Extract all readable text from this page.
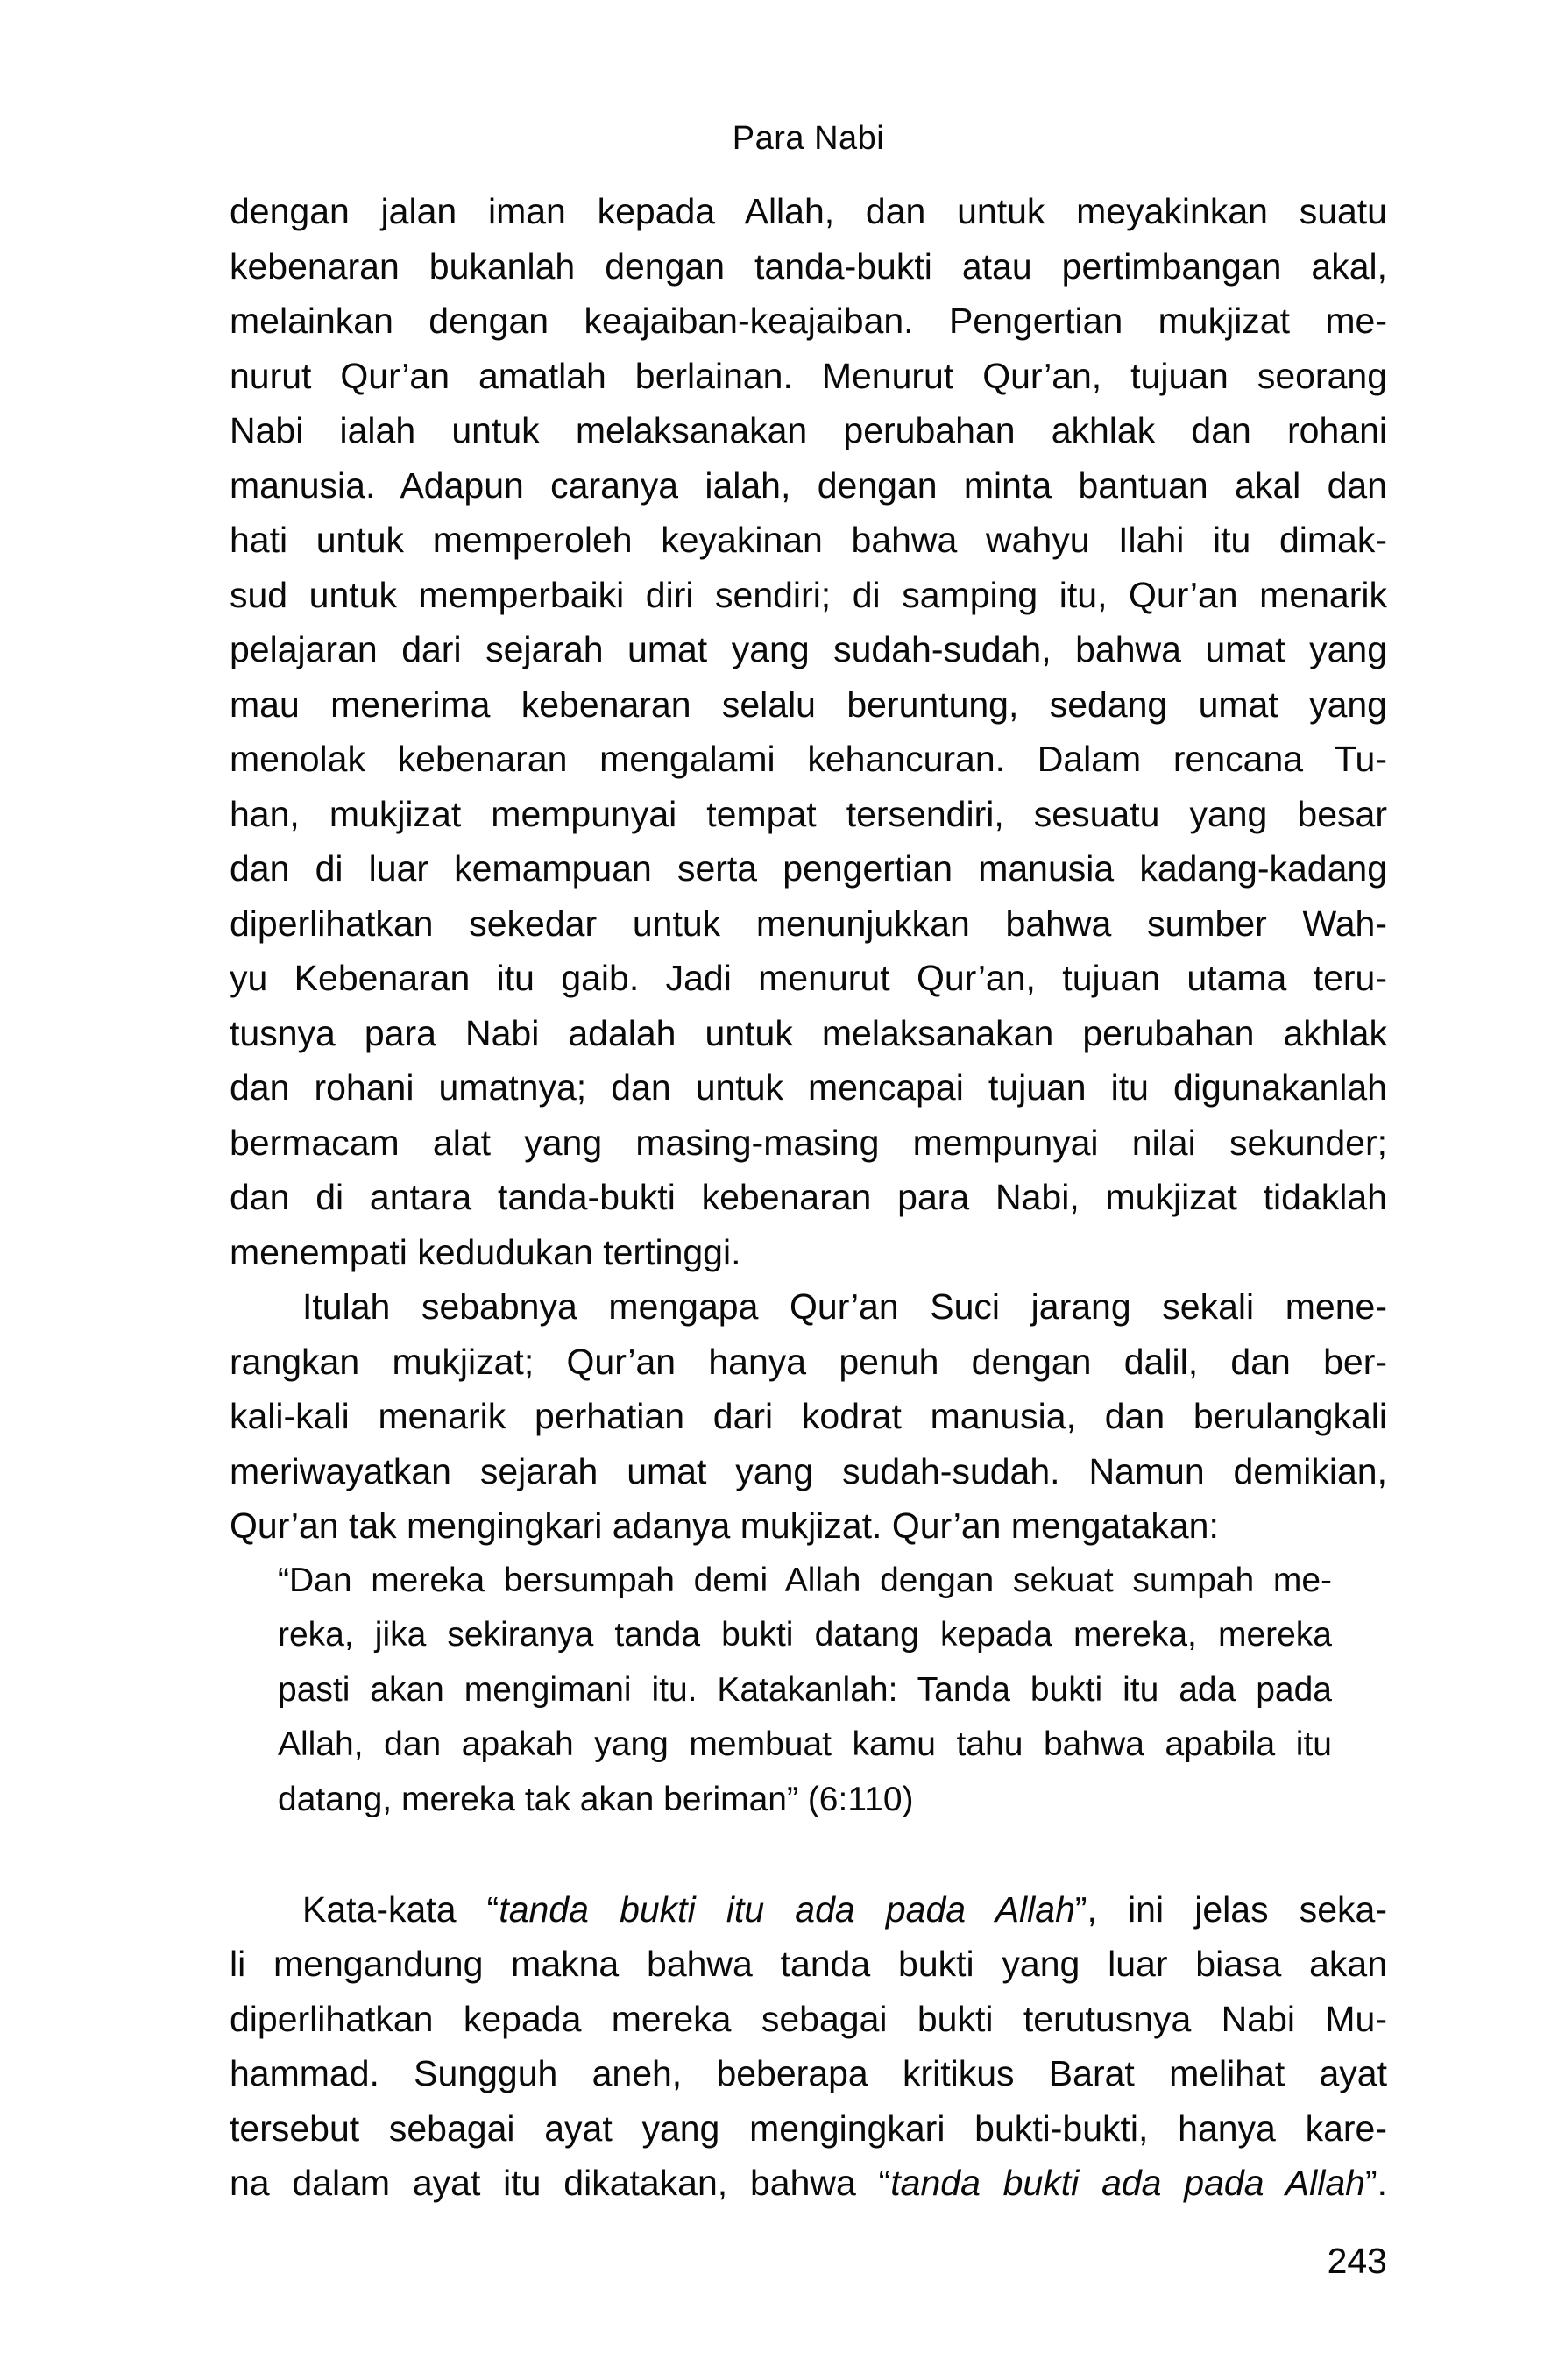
Para Nabi
dengan jalan iman kepada Allah, dan untuk meyakinkan suatu
kebenaran bukanlah dengan tanda-bukti atau pertimbangan akal,
melainkan dengan keajaiban-keajaiban. Pengertian mukjizat me-
nurut Qur’an amatlah berlainan. Menurut Qur’an, tujuan seorang
Nabi ialah untuk melaksanakan perubahan akhlak dan rohani
manusia. Adapun caranya ialah, dengan minta bantuan akal dan
hati untuk memperoleh keyakinan bahwa wahyu Ilahi itu dimak-
sud untuk memperbaiki diri sendiri; di samping itu, Qur’an menarik
pelajaran dari sejarah umat yang sudah-sudah, bahwa umat yang
mau menerima kebenaran selalu beruntung, sedang umat yang
menolak kebenaran mengalami kehancuran. Dalam rencana Tu-
han, mukjizat mempunyai tempat tersendiri, sesuatu yang besar
dan di luar kemampuan serta pengertian manusia kadang-kadang
diperlihatkan sekedar untuk menunjukkan bahwa sumber Wah-
yu Kebenaran itu gaib. Jadi menurut Qur’an, tujuan utama teru-
tusnya para Nabi adalah untuk melaksanakan perubahan akhlak
dan rohani umatnya; dan untuk mencapai tujuan itu digunakanlah
bermacam alat yang masing-masing mempunyai nilai sekunder;
dan di antara tanda-bukti kebenaran para Nabi, mukjizat tidaklah
menempati kedudukan tertinggi.
Itulah sebabnya mengapa Qur’an Suci jarang sekali mene-
rangkan mukjizat; Qur’an hanya penuh dengan dalil, dan ber-
kali-kali menarik perhatian dari kodrat manusia, dan berulangkali
meriwayatkan sejarah umat yang sudah-sudah. Namun demikian,
Qur’an tak mengingkari adanya mukjizat. Qur’an mengatakan:
“Dan mereka bersumpah demi Allah dengan sekuat sumpah me-
reka, jika sekiranya tanda bukti datang kepada mereka, mereka
pasti akan mengimani itu. Katakanlah: Tanda bukti itu ada pada
Allah, dan apakah yang membuat kamu tahu bahwa apabila itu
datang, mereka tak akan beriman” (6:110)
Kata-kata “tanda bukti itu ada pada Allah”, ini jelas seka-
li mengandung makna bahwa tanda bukti yang luar biasa akan
diperlihatkan kepada mereka sebagai bukti terutusnya Nabi Mu-
hammad. Sungguh aneh, beberapa kritikus Barat melihat ayat
tersebut sebagai ayat yang mengingkari bukti-bukti, hanya kare-
na dalam ayat itu dikatakan, bahwa “tanda bukti ada pada Allah”.
243
